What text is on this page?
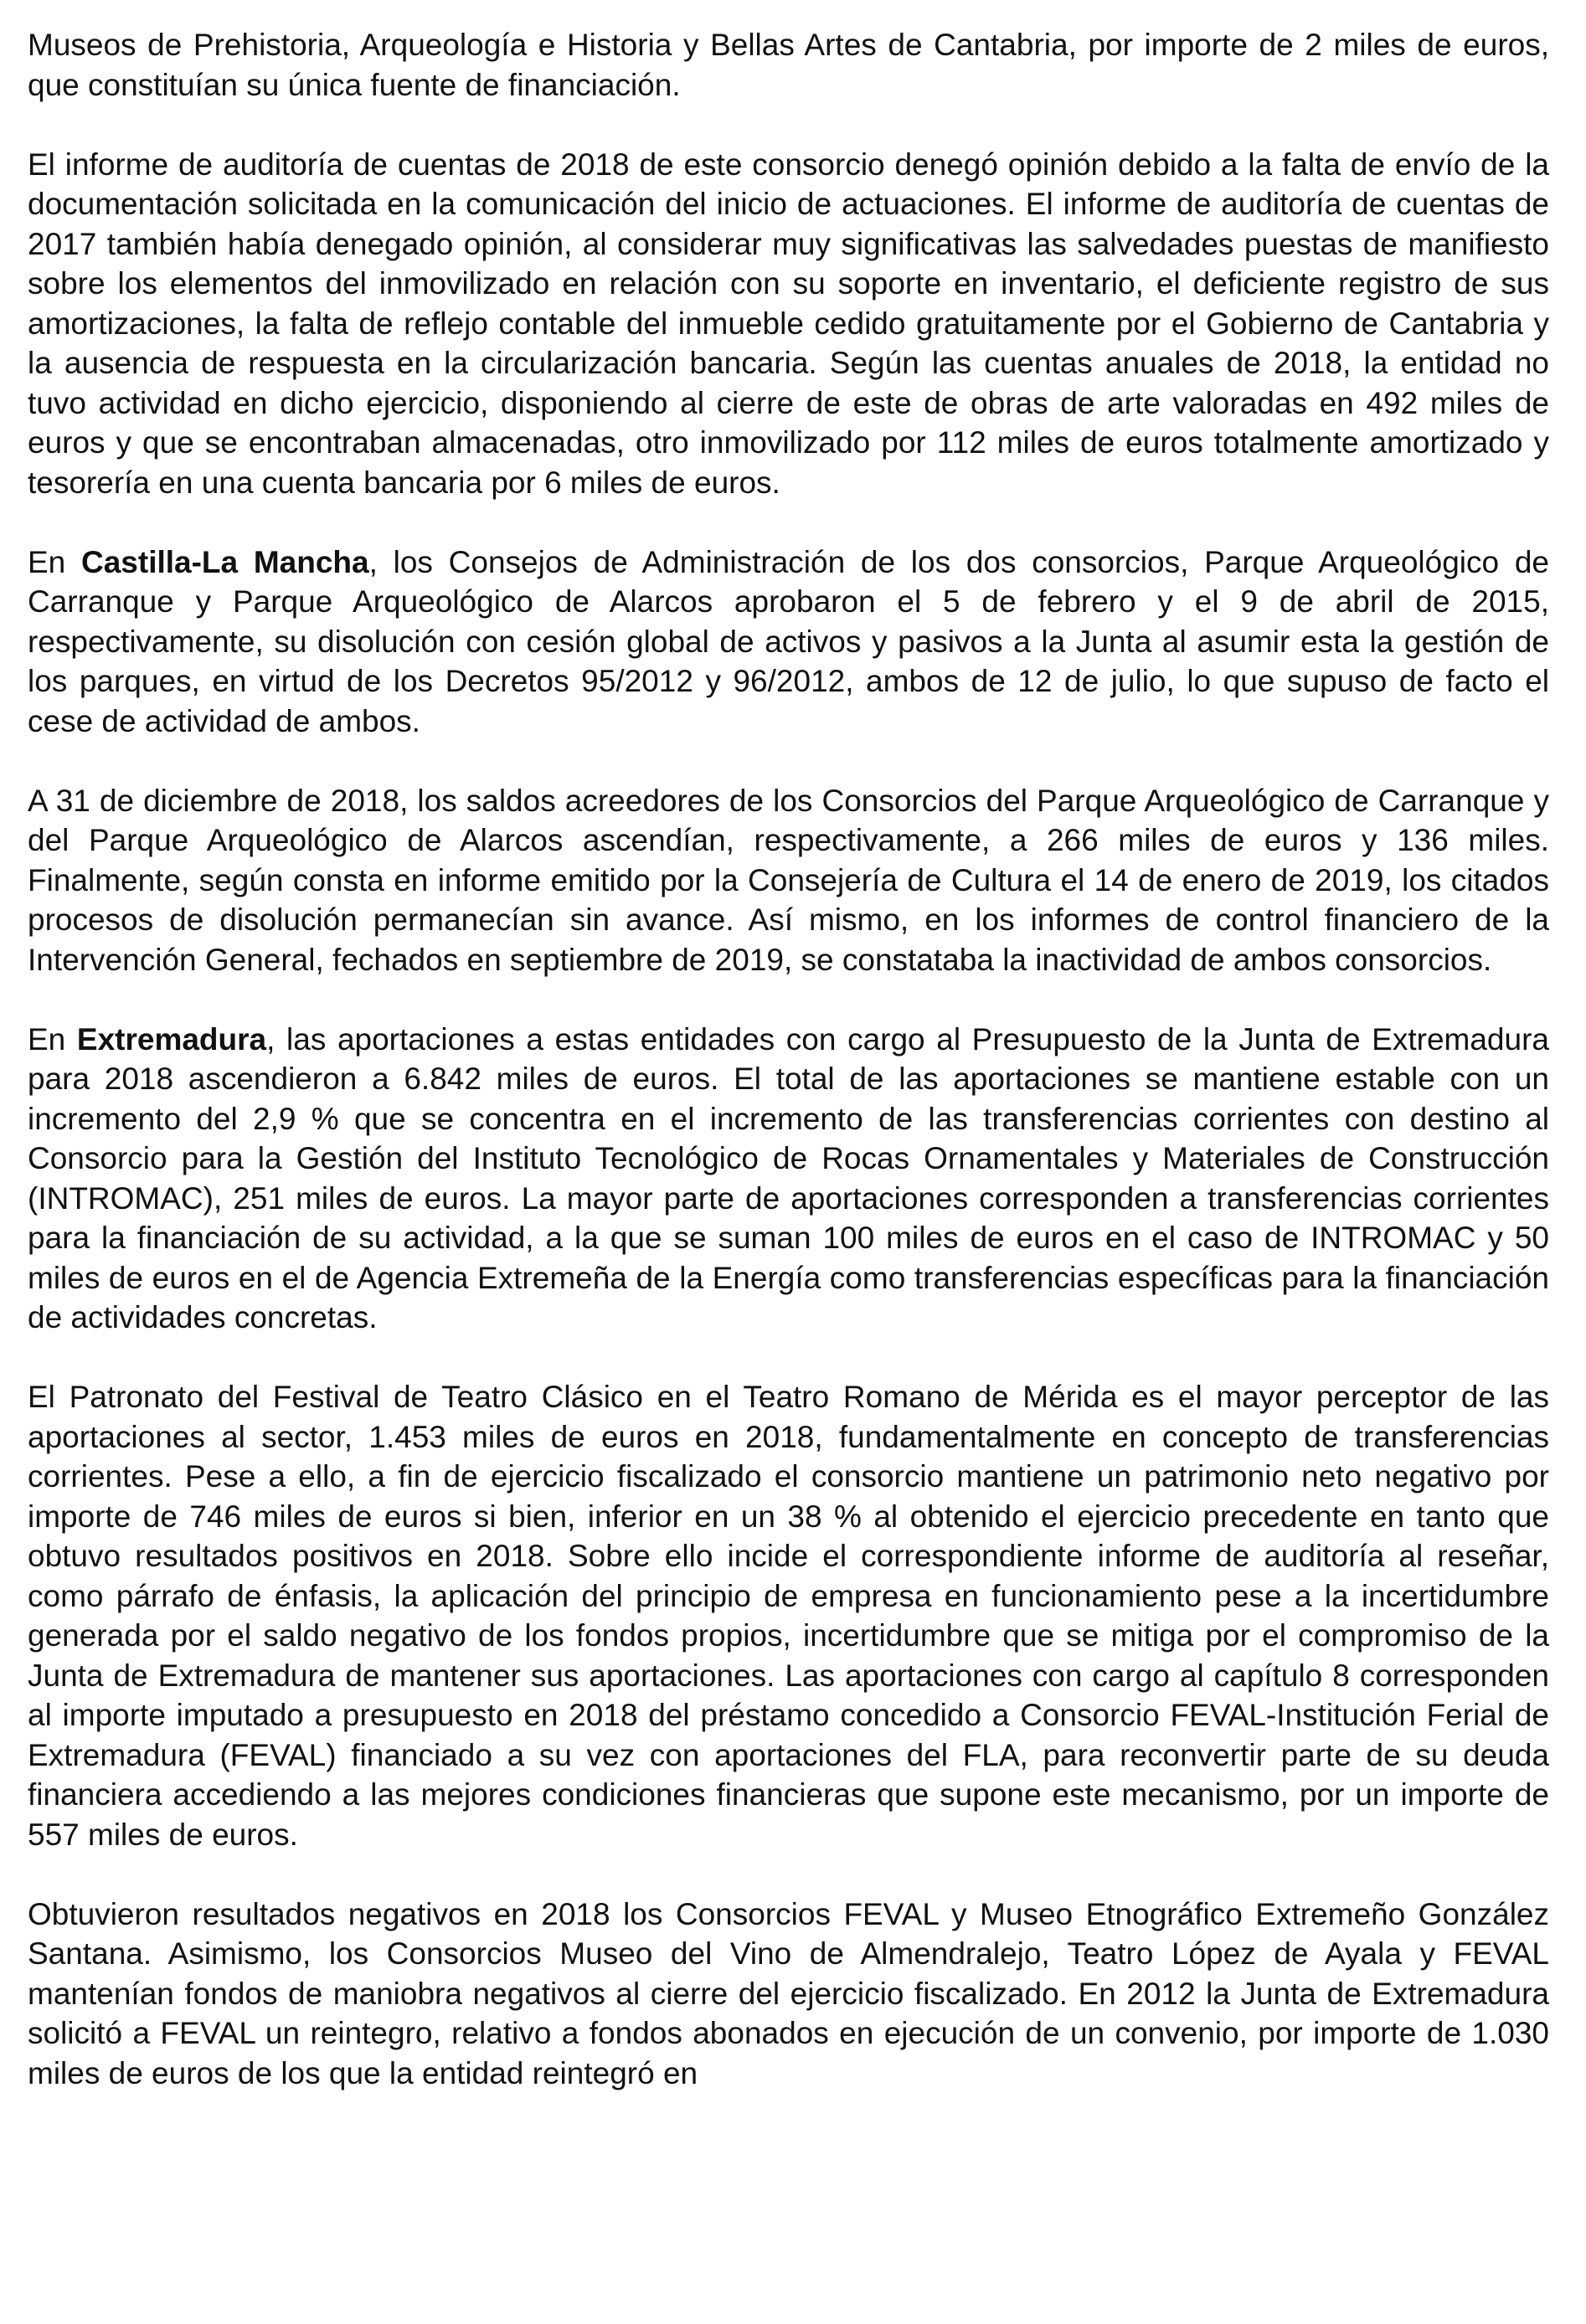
Museos de Prehistoria, Arqueología e Historia y Bellas Artes de Cantabria, por importe de 2 miles de euros, que constituían su única fuente de financiación.

El informe de auditoría de cuentas de 2018 de este consorcio denegó opinión debido a la falta de envío de la documentación solicitada en la comunicación del inicio de actuaciones. El informe de auditoría de cuentas de 2017 también había denegado opinión, al considerar muy significativas las salvedades puestas de manifiesto sobre los elementos del inmovilizado en relación con su soporte en inventario, el deficiente registro de sus amortizaciones, la falta de reflejo contable del inmueble cedido gratuitamente por el Gobierno de Cantabria y la ausencia de respuesta en la circularización bancaria. Según las cuentas anuales de 2018, la entidad no tuvo actividad en dicho ejercicio, disponiendo al cierre de este de obras de arte valoradas en 492 miles de euros y que se encontraban almacenadas, otro inmovilizado por 112 miles de euros totalmente amortizado y tesorería en una cuenta bancaria por 6 miles de euros.

En Castilla-La Mancha, los Consejos de Administración de los dos consorcios, Parque Arqueológico de Carranque y Parque Arqueológico de Alarcos aprobaron el 5 de febrero y el 9 de abril de 2015, respectivamente, su disolución con cesión global de activos y pasivos a la Junta al asumir esta la gestión de los parques, en virtud de los Decretos 95/2012 y 96/2012, ambos de 12 de julio, lo que supuso de facto el cese de actividad de ambos.

A 31 de diciembre de 2018, los saldos acreedores de los Consorcios del Parque Arqueológico de Carranque y del Parque Arqueológico de Alarcos ascendían, respectivamente, a 266 miles de euros y 136 miles. Finalmente, según consta en informe emitido por la Consejería de Cultura el 14 de enero de 2019, los citados procesos de disolución permanecían sin avance. Así mismo, en los informes de control financiero de la Intervención General, fechados en septiembre de 2019, se constataba la inactividad de ambos consorcios.

En Extremadura, las aportaciones a estas entidades con cargo al Presupuesto de la Junta de Extremadura para 2018 ascendieron a 6.842 miles de euros. El total de las aportaciones se mantiene estable con un incremento del 2,9 % que se concentra en el incremento de las transferencias corrientes con destino al Consorcio para la Gestión del Instituto Tecnológico de Rocas Ornamentales y Materiales de Construcción (INTROMAC), 251 miles de euros. La mayor parte de aportaciones corresponden a transferencias corrientes para la financiación de su actividad, a la que se suman 100 miles de euros en el caso de INTROMAC y 50 miles de euros en el de Agencia Extremeña de la Energía como transferencias específicas para la financiación de actividades concretas.

El Patronato del Festival de Teatro Clásico en el Teatro Romano de Mérida es el mayor perceptor de las aportaciones al sector, 1.453 miles de euros en 2018, fundamentalmente en concepto de transferencias corrientes. Pese a ello, a fin de ejercicio fiscalizado el consorcio mantiene un patrimonio neto negativo por importe de 746 miles de euros si bien, inferior en un 38 % al obtenido el ejercicio precedente en tanto que obtuvo resultados positivos en 2018. Sobre ello incide el correspondiente informe de auditoría al reseñar, como párrafo de énfasis, la aplicación del principio de empresa en funcionamiento pese a la incertidumbre generada por el saldo negativo de los fondos propios, incertidumbre que se mitiga por el compromiso de la Junta de Extremadura de mantener sus aportaciones. Las aportaciones con cargo al capítulo 8 corresponden al importe imputado a presupuesto en 2018 del préstamo concedido a Consorcio FEVAL-Institución Ferial de Extremadura (FEVAL) financiado a su vez con aportaciones del FLA, para reconvertir parte de su deuda financiera accediendo a las mejores condiciones financieras que supone este mecanismo, por un importe de 557 miles de euros.

Obtuvieron resultados negativos en 2018 los Consorcios FEVAL y Museo Etnográfico Extremeño González Santana. Asimismo, los Consorcios Museo del Vino de Almendralejo, Teatro López de Ayala y FEVAL mantenían fondos de maniobra negativos al cierre del ejercicio fiscalizado. En 2012 la Junta de Extremadura solicitó a FEVAL un reintegro, relativo a fondos abonados en ejecución de un convenio, por importe de 1.030 miles de euros de los que la entidad reintegró en
